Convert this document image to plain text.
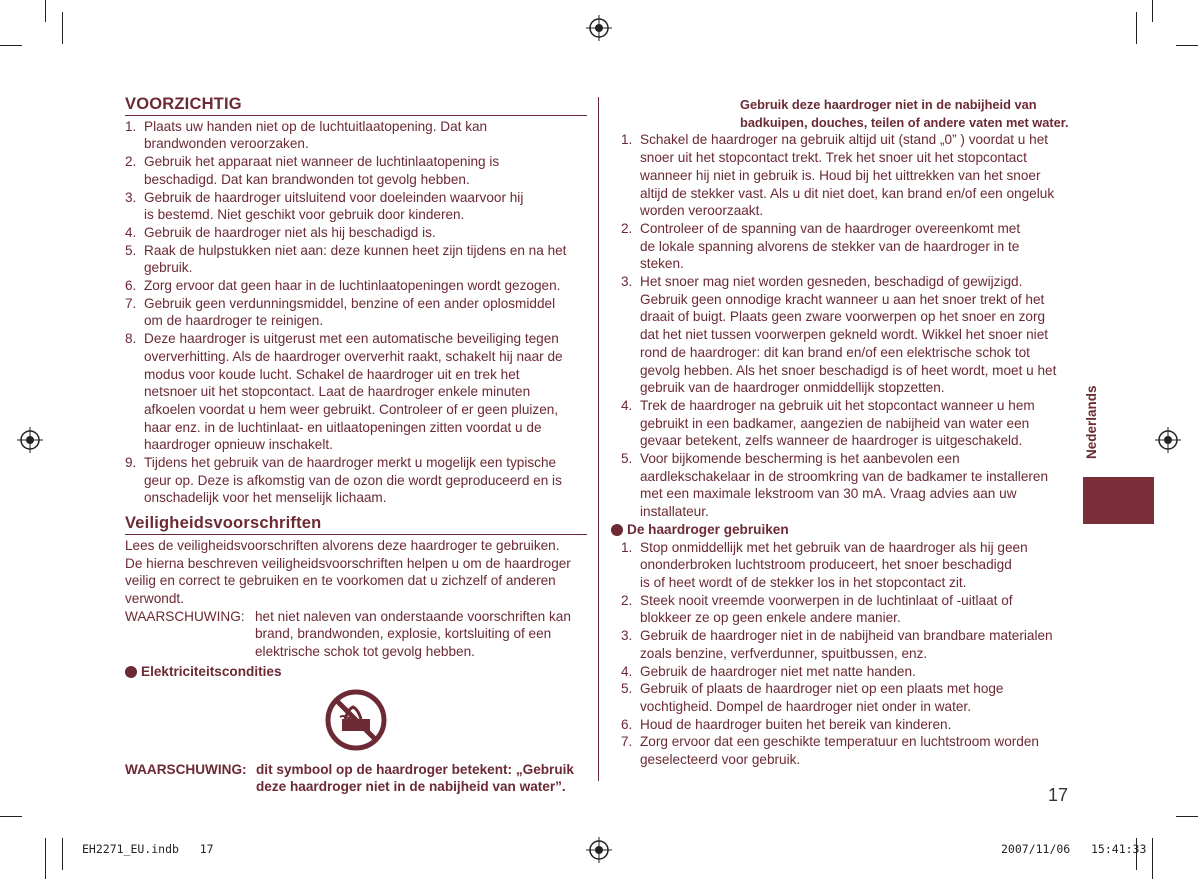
VOORZICHTIG
1. Plaats uw handen niet op de luchtuitlaatopening. Dat kan
brandwonden veroorzaken.
2. Gebruik het apparaat niet wanneer de luchtinlaatopening is
beschadigd. Dat kan brandwonden tot gevolg hebben.
3. Gebruik de haardroger uitsluitend voor doeleinden waarvoor hij
is bestemd. Niet geschikt voor gebruik door kinderen.
4. Gebruik de haardroger niet als hij beschadigd is.
5. Raak de hulpstukken niet aan: deze kunnen heet zijn tijdens en na het
gebruik.
6. Zorg ervoor dat geen haar in de luchtinlaatopeningen wordt gezogen.
7. Gebruik geen verdunningsmiddel, benzine of een ander oplosmiddel
om de haardroger te reinigen.
8. Deze haardroger is uitgerust met een automatische beveiliging tegen
oververhitting. Als de haardroger oververhit raakt, schakelt hij naar de
modus voor koude lucht. Schakel de haardroger uit en trek het
netsnoer uit het stopcontact. Laat de haardroger enkele minuten
afkoelen voordat u hem weer gebruikt. Controleer of er geen pluizen,
haar enz. in de luchtinlaat- en uitlaatopeningen zitten voordat u de
haardroger opnieuw inschakelt.
9. Tijdens het gebruik van de haardroger merkt u mogelijk een typische
geur op. Deze is afkomstig van de ozon die wordt geproduceerd en is
onschadelijk voor het menselijk lichaam.
Veiligheidsvoorschriften
Lees de veiligheidsvoorschriften alvorens deze haardroger te gebruiken.
De hierna beschreven veiligheidsvoorschriften helpen u om de haardroger
veilig en correct te gebruiken en te voorkomen dat u zichzelf of anderen
verwondt.
WAARSCHUWING: het niet naleven van onderstaande voorschriften kan
brand, brandwonden, explosie, kortsluiting of een
elektrische schok tot gevolg hebben.
Elektriciteitscondities
WAARSCHUWING: dit symbool op de haardroger betekent: „Gebruik
deze haardroger niet in de nabijheid van water”.
Gebruik deze haardroger niet in de nabijheid van
badkuipen, douches, teilen of andere vaten met water.
1. Schakel de haardroger na gebruik altijd uit (stand „0” ) voordat u het
snoer uit het stopcontact trekt. Trek het snoer uit het stopcontact
wanneer hij niet in gebruik is. Houd bij het uittrekken van het snoer
altijd de stekker vast. Als u dit niet doet, kan brand en/of een ongeluk
worden veroorzaakt.
2. Controleer of de spanning van de haardroger overeenkomt met
de lokale spanning alvorens de stekker van de haardroger in te
steken.
3. Het snoer mag niet worden gesneden, beschadigd of gewijzigd.
Gebruik geen onnodige kracht wanneer u aan het snoer trekt of het
draait of buigt. Plaats geen zware voorwerpen op het snoer en zorg
dat het niet tussen voorwerpen gekneld wordt. Wikkel het snoer niet
rond de haardroger: dit kan brand en/of een elektrische schok tot
gevolg hebben. Als het snoer beschadigd is of heet wordt, moet u het
gebruik van de haardroger onmiddellijk stopzetten.
4. Trek de haardroger na gebruik uit het stopcontact wanneer u hem
gebruikt in een badkamer, aangezien de nabijheid van water een
gevaar betekent, zelfs wanneer de haardroger is uitgeschakeld.
5. Voor bijkomende bescherming is het aanbevolen een
aardlekschakelaar in de stroomkring van de badkamer te installeren
met een maximale lekstroom van 30 mA. Vraag advies aan uw
installateur.
De haardroger gebruiken
1. Stop onmiddellijk met het gebruik van de haardroger als hij geen
ononderbroken luchtstroom produceert, het snoer beschadigd
is of heet wordt of de stekker los in het stopcontact zit.
2. Steek nooit vreemde voorwerpen in de luchtinlaat of -uitlaat of
blokkeer ze op geen enkele andere manier.
3. Gebruik de haardroger niet in de nabijheid van brandbare materialen
zoals benzine, verfverdunner, spuitbussen, enz.
4. Gebruik de haardroger niet met natte handen.
5. Gebruik of plaats de haardroger niet op een plaats met hoge
vochtigheid. Dompel de haardroger niet onder in water.
6. Houd de haardroger buiten het bereik van kinderen.
7. Zorg ervoor dat een geschikte temperatuur en luchtstroom worden
geselecteerd voor gebruik.
Nederlands
17
EH2271_EU.indb   17	2007/11/06   15:41:33
